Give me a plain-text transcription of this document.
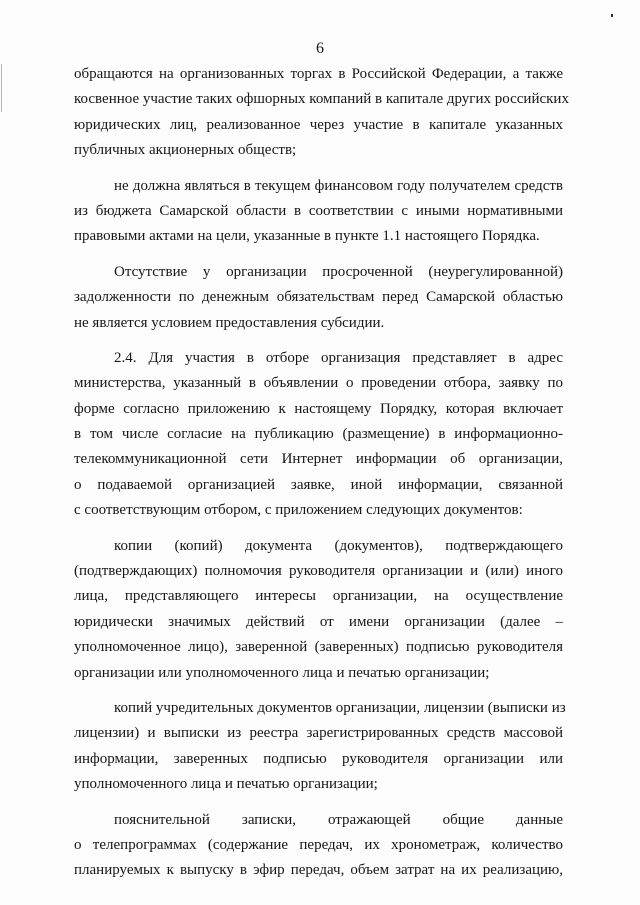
6
обращаются на организованных торгах в Российской Федерации, а также
косвенное участие таких офшорных компаний в капитале других российских
юридических лиц, реализованное через участие в капитале указанных
публичных акционерных обществ;
не должна являться в текущем финансовом году получателем средств
из бюджета Самарской области в соответствии с иными нормативными
правовыми актами на цели, указанные в пункте 1.1 настоящего Порядка.
Отсутствие у организации просроченной (неурегулированной)
задолженности по денежным обязательствам перед Самарской областью
не является условием предоставления субсидии.
2.4. Для участия в отборе организация представляет в адрес
министерства, указанный в объявлении о проведении отбора, заявку по
форме согласно приложению к настоящему Порядку, которая включает
в том числе согласие на публикацию (размещение) в информационно-
телекоммуникационной сети Интернет информации об организации,
о подаваемой организацией заявке, иной информации, связанной
с соответствующим отбором, с приложением следующих документов:
копии (копий) документа (документов), подтверждающего
(подтверждающих) полномочия руководителя организации и (или) иного
лица, представляющего интересы организации, на осуществление
юридически значимых действий от имени организации (далее –
уполномоченное лицо), заверенной (заверенных) подписью руководителя
организации или уполномоченного лица и печатью организации;
копий учредительных документов организации, лицензии (выписки из
лицензии) и выписки из реестра зарегистрированных средств массовой
информации, заверенных подписью руководителя организации или
уполномоченного лица и печатью организации;
пояснительной записки, отражающей общие данные
о телепрограммах (содержание передач, их хронометраж, количество
планируемых к выпуску в эфир передач, объем затрат на их реализацию,
